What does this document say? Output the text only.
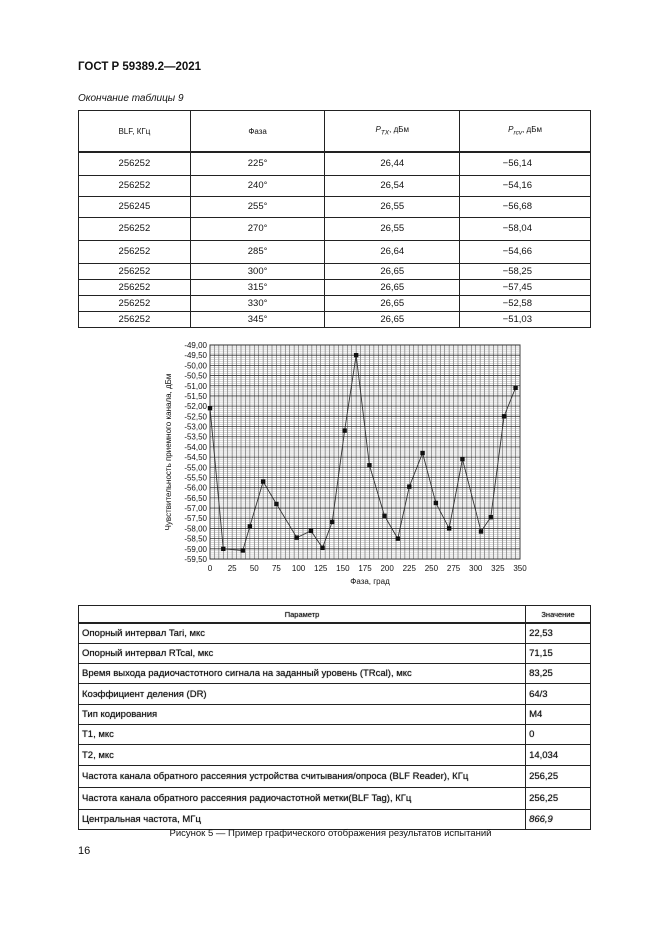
ГОСТ Р 59389.2—2021
Окончание таблицы 9
BLF, КГц	Фаза	$P_{TX}$, дБм	$P_{rcv}$, дБм
256252	225°	26,44	−56,14
256252	240°	26,54	−54,16
256245	255°	26,55	−56,68
256252	270°	26,55	−58,04
256252	285°	26,64	−54,66
256252	300°	26,65	−58,25
256252	315°	26,65	−57,45
256252	330°	26,65	−52,58
256252	345°	26,65	−51,03
-49,00
-49,50
-50,00
-50,50
-51,00
-51,50
-52,00
-52,50
-53,00
-53,50
-54,00
-54,50
-55,00
-55,50
-56,00
-56,50
-57,00
-57,50
-58,00
-58,50
-59,00
-59,50
0 25 50 75 100 125 150 175 200 225 250 275 300 325 350
Фаза, град
Чувствительность приемного канала, дБм
Параметр	Значение
Опорный интервал Tari, мкс	22,53
Опорный интервал RTcal, мкс	71,15
Время выхода радиочастотного сигнала на заданный уровень (TRcal), мкс	83,25
Коэффициент деления (DR)	64/3
Тип кодирования	M4
T1, мкс	0
T2, мкс	14,034
Частота канала обратного рассеяния устройства считывания/опроса (BLF Reader), КГц	256,25
Частота канала обратного рассеяния радиочастотной метки(BLF Tag), КГц	256,25
Центральная частота, МГц	866,9
Рисунок 5 — Пример графического отображения результатов испытаний
16
